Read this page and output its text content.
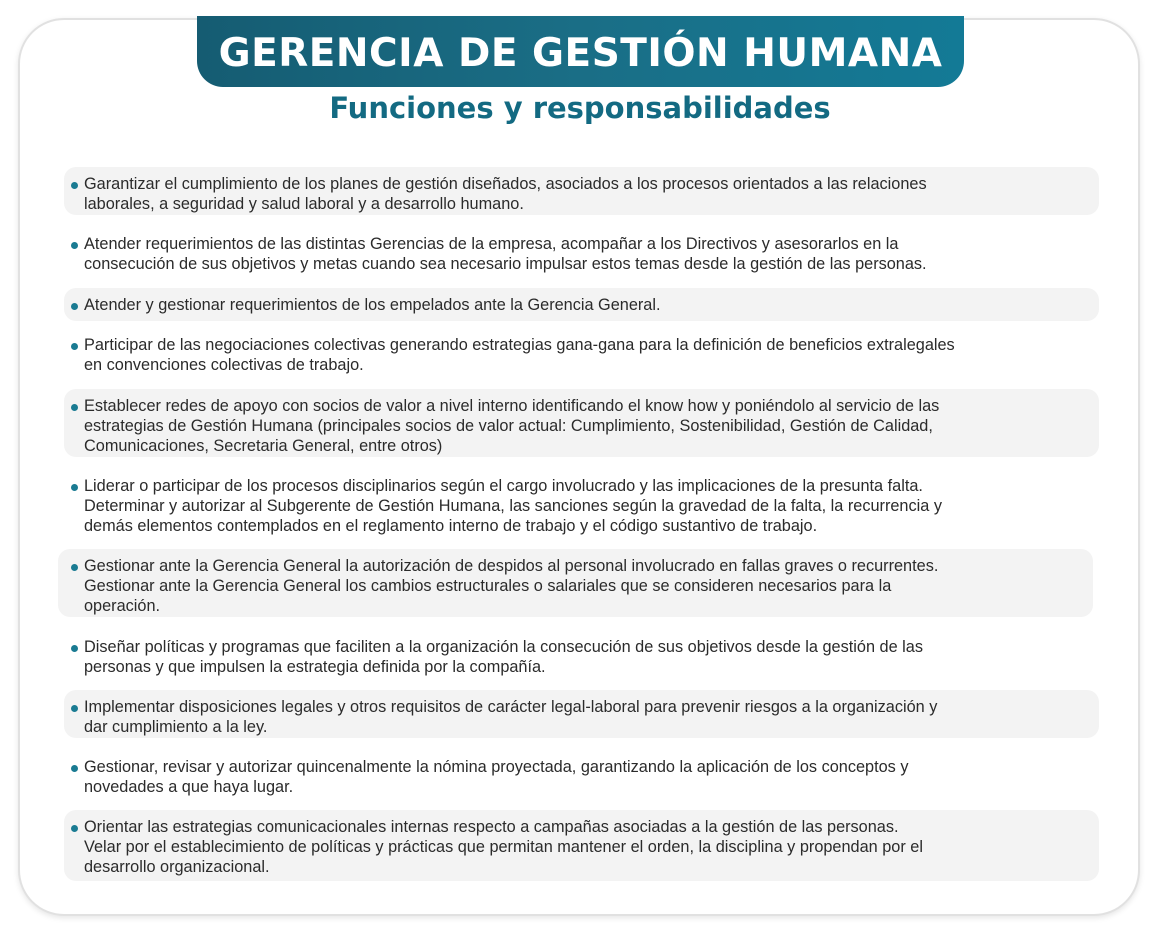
GERENCIA DE GESTIÓN HUMANA
Funciones y responsabilidades
Garantizar el cumplimiento de los planes de gestión diseñados, asociados a los procesos orientados a las relaciones
laborales, a seguridad y salud laboral y a desarrollo humano.
Atender requerimientos de las distintas Gerencias de la empresa, acompañar a los Directivos y asesorarlos en la
consecución de sus objetivos y metas cuando sea necesario impulsar estos temas desde la gestión de las personas.
Atender y gestionar requerimientos de los empelados ante la Gerencia General.
Participar de las negociaciones colectivas generando estrategias gana-gana para la definición de beneficios extralegales
en convenciones colectivas de trabajo.
Establecer redes de apoyo con socios de valor a nivel interno identificando el know how y poniéndolo al servicio de las
estrategias de Gestión Humana (principales socios de valor actual: Cumplimiento, Sostenibilidad, Gestión de Calidad,
Comunicaciones, Secretaria General, entre otros)
Liderar o participar de los procesos disciplinarios según el cargo involucrado y las implicaciones de la presunta falta.
Determinar y autorizar al Subgerente de Gestión Humana, las sanciones según la gravedad de la falta, la recurrencia y
demás elementos contemplados en el reglamento interno de trabajo y el código sustantivo de trabajo.
Gestionar ante la Gerencia General la autorización de despidos al personal involucrado en fallas graves o recurrentes.
Gestionar ante la Gerencia General los cambios estructurales o salariales que se consideren necesarios para la
operación.
Diseñar políticas y programas que faciliten a la organización la consecución de sus objetivos desde la gestión de las
personas y que impulsen la estrategia definida por la compañía.
Implementar disposiciones legales y otros requisitos de carácter legal-laboral para prevenir riesgos a la organización y
dar cumplimiento a la ley.
Gestionar, revisar y autorizar quincenalmente la nómina proyectada, garantizando la aplicación de los conceptos y
novedades a que haya lugar.
Orientar las estrategias comunicacionales internas respecto a campañas asociadas a la gestión de las personas.
Velar por el establecimiento de políticas y prácticas que permitan mantener el orden, la disciplina y propendan por el
desarrollo organizacional.
